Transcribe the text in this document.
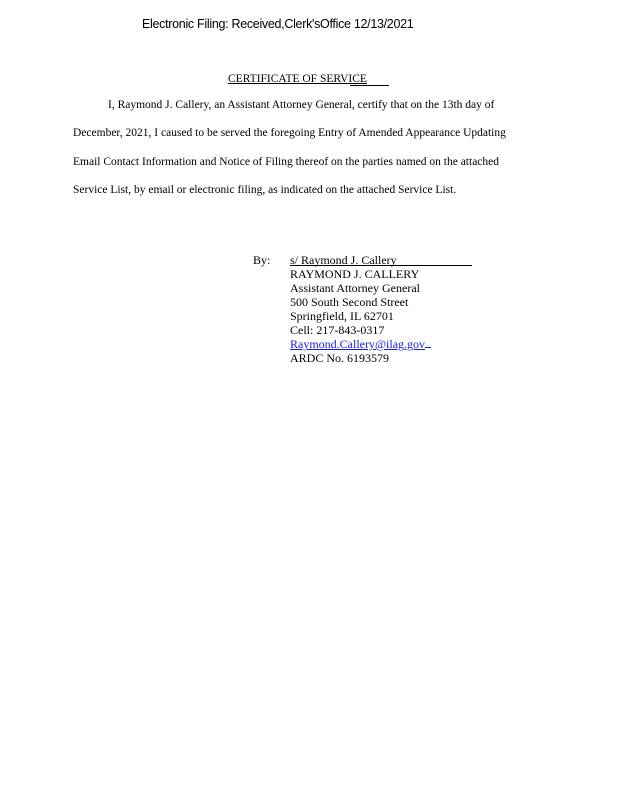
Electronic Filing: Received,Clerk'sOffice 12/13/2021
CERTIFICATE OF SERVICE
I, Raymond J. Callery, an Assistant Attorney General, certify that on the 13th day of
December, 2021, I caused to be served the foregoing Entry of Amended Appearance Updating
Email Contact Information and Notice of Filing thereof on the parties named on the attached
Service List, by email or electronic filing, as indicated on the attached Service List.
By: s/ Raymond J. Callery
RAYMOND J. CALLERY
Assistant Attorney General
500 South Second Street
Springfield, IL 62701
Cell: 217-843-0317
Raymond.Callery@ilag.gov
ARDC No. 6193579
